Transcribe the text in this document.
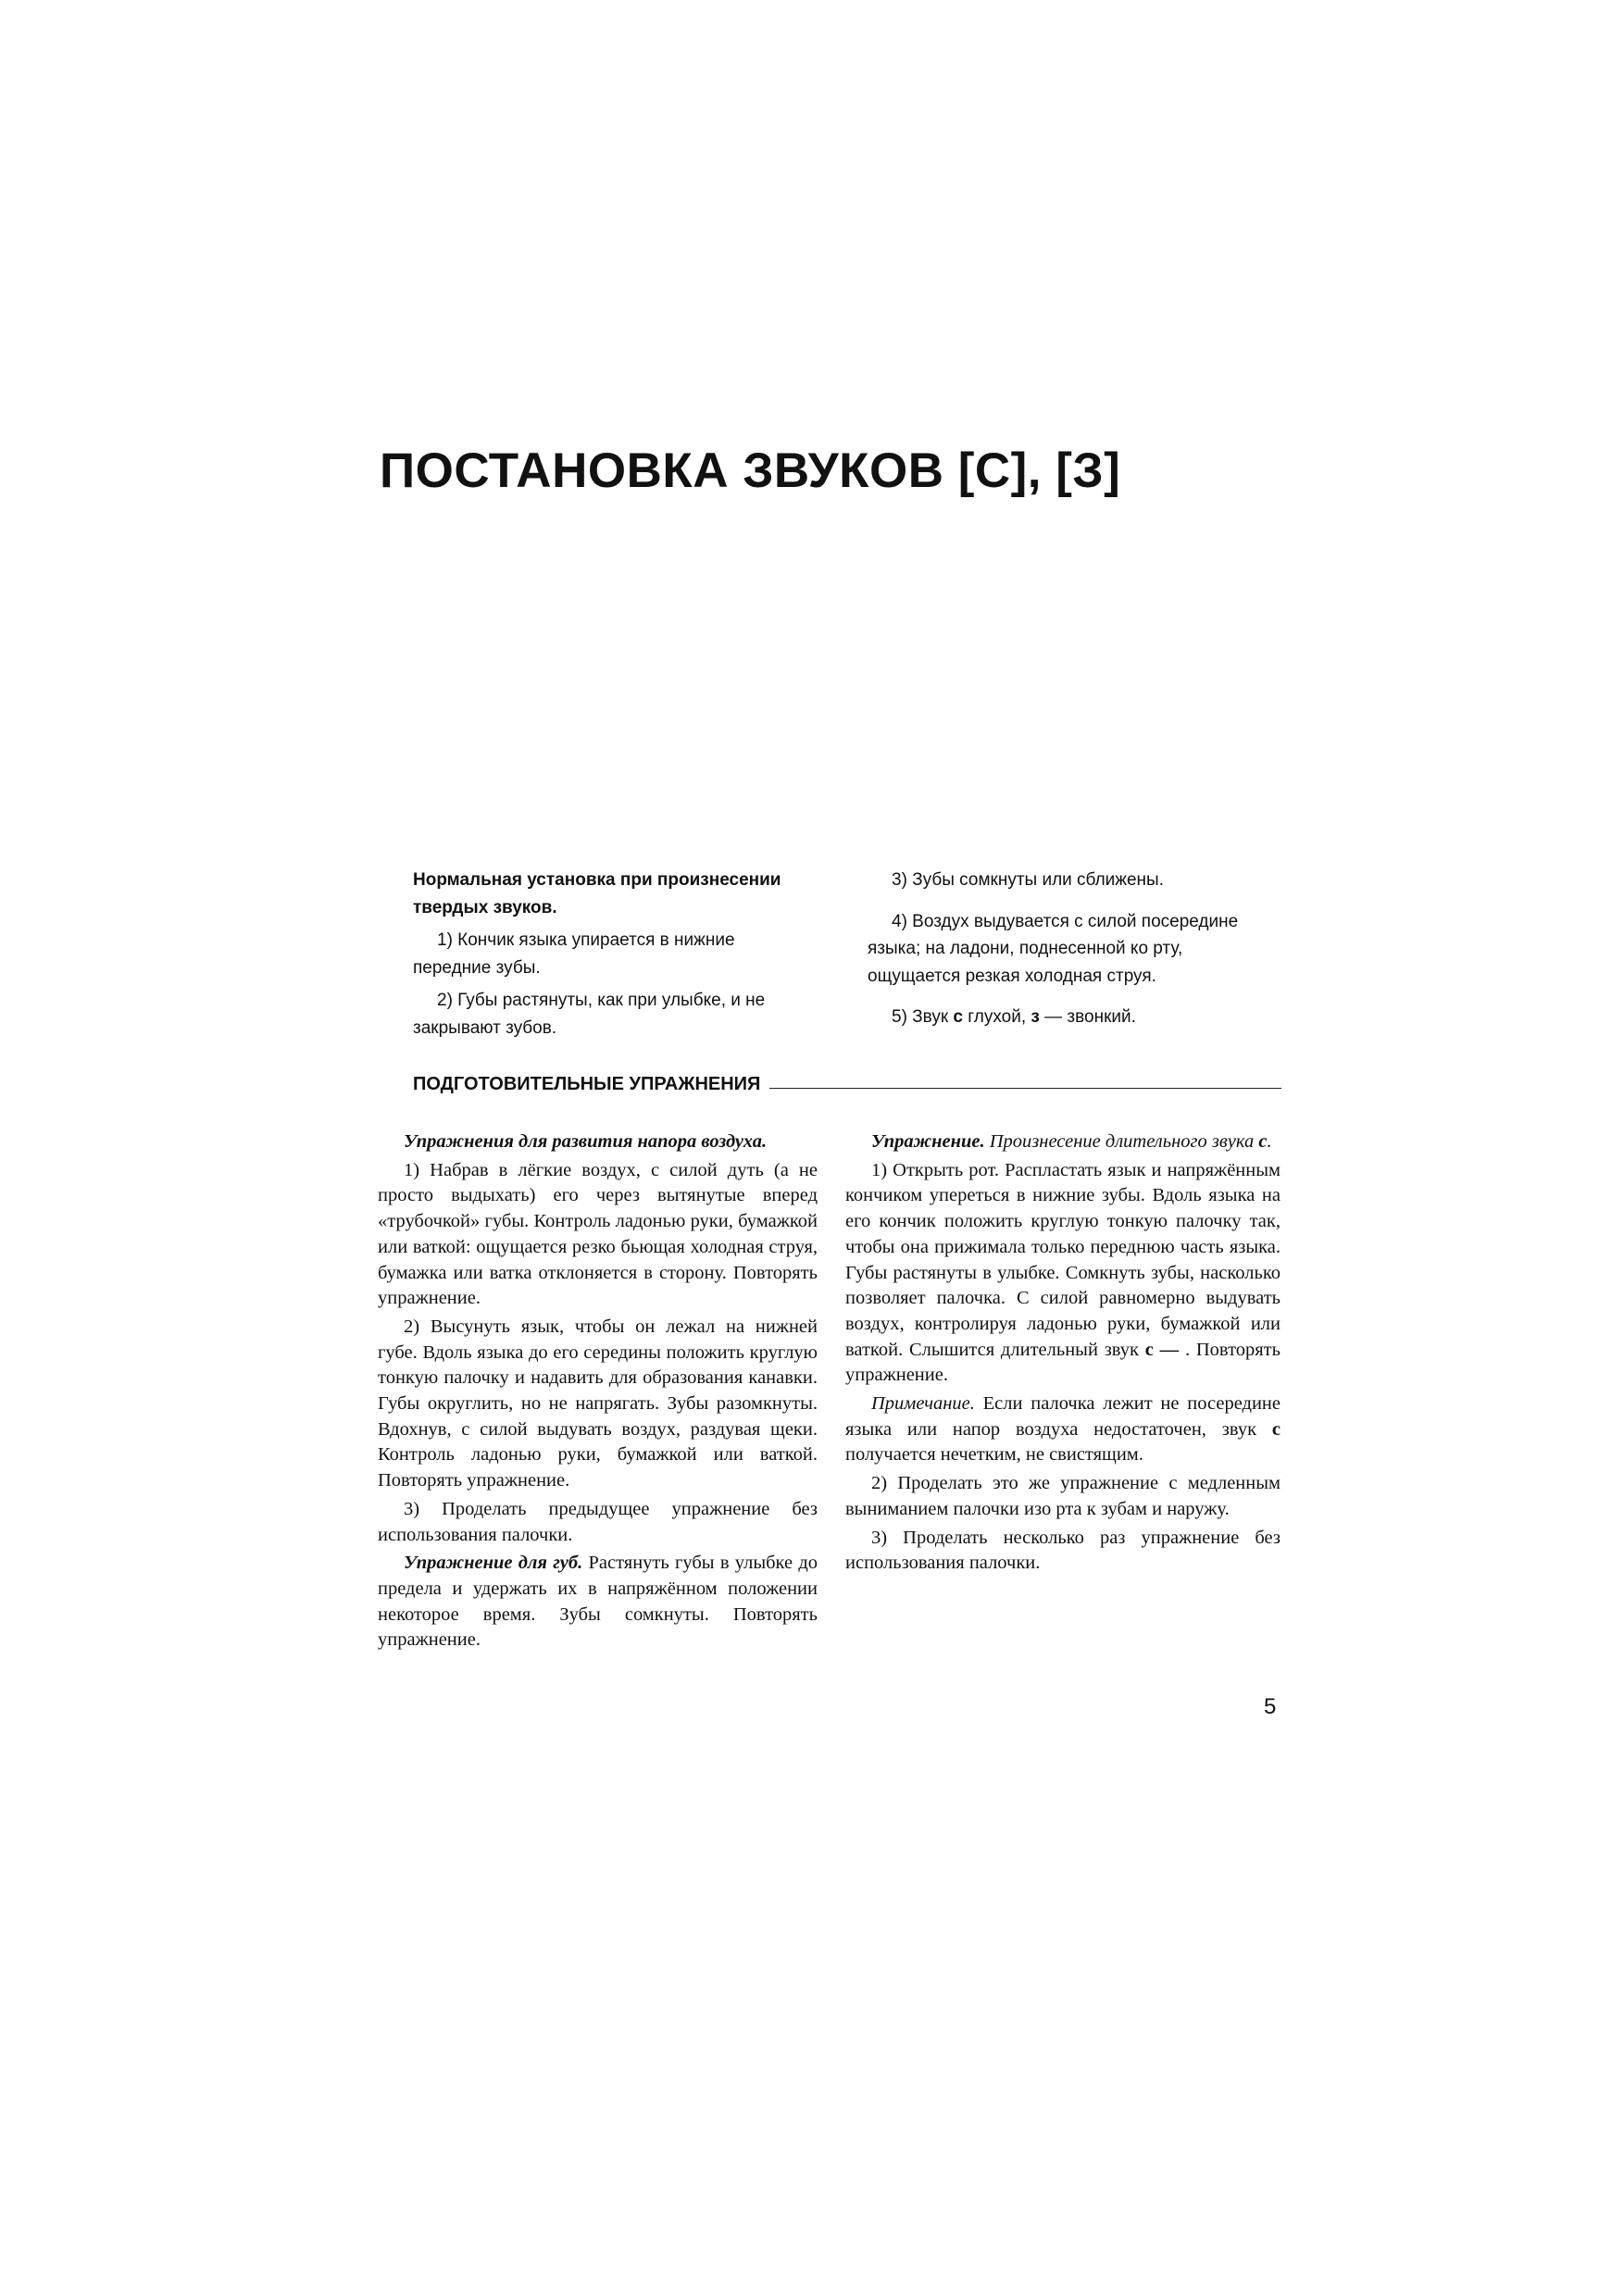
ПОСТАНОВКА ЗВУКОВ [С], [З]

Нормальная установка при произнесении твердых звуков.

1) Кончик языка упирается в нижние передние зубы.

2) Губы растянуты, как при улыбке, и не закрывают зубов.

3) Зубы сомкнуты или сближены.

4) Воздух выдувается с силой посередине языка; на ладони, поднесенной ко рту, ощущается резкая холодная струя.

5) Звук с глухой, з — звонкий.

ПОДГОТОВИТЕЛЬНЫЕ УПРАЖНЕНИЯ

Упражнения для развития напора воздуха.

1) Набрав в лёгкие воздух, с силой дуть (а не просто выдыхать) его через вытянутые вперед «трубочкой» губы. Контроль ладонью руки, бумажкой или ваткой: ощущается резко бьющая холодная струя, бумажка или ватка отклоняется в сторону. Повторять упражнение.

2) Высунуть язык, чтобы он лежал на нижней губе. Вдоль языка до его середины положить круглую тонкую палочку и надавить для образования канавки. Губы округлить, но не напрягать. Зубы разомкнуты. Вдохнув, с силой выдувать воздух, раздувая щеки. Контроль ладонью руки, бумажкой или ваткой. Повторять упражнение.

3) Проделать предыдущее упражнение без использования палочки.

Упражнение для губ. Растянуть губы в улыбке до предела и удержать их в напряжённом положении некоторое время. Зубы сомкнуты. Повторять упражнение.

Упражнение. Произнесение длительного звука с.

1) Открыть рот. Распластать язык и напряжённым кончиком упереться в нижние зубы. Вдоль языка на его кончик положить круглую тонкую палочку так, чтобы она прижимала только переднюю часть языка. Губы растянуты в улыбке. Сомкнуть зубы, насколько позволяет палочка. С силой равномерно выдувать воздух, контролируя ладонью руки, бумажкой или ваткой. Слышится длительный звук с — . Повторять упражнение.

Примечание. Если палочка лежит не посередине языка или напор воздуха недостаточен, звук с получается нечетким, не свистящим.

2) Проделать это же упражнение с медленным выниманием палочки изо рта к зубам и наружу.

3) Проделать несколько раз упражнение без использования палочки.

5
